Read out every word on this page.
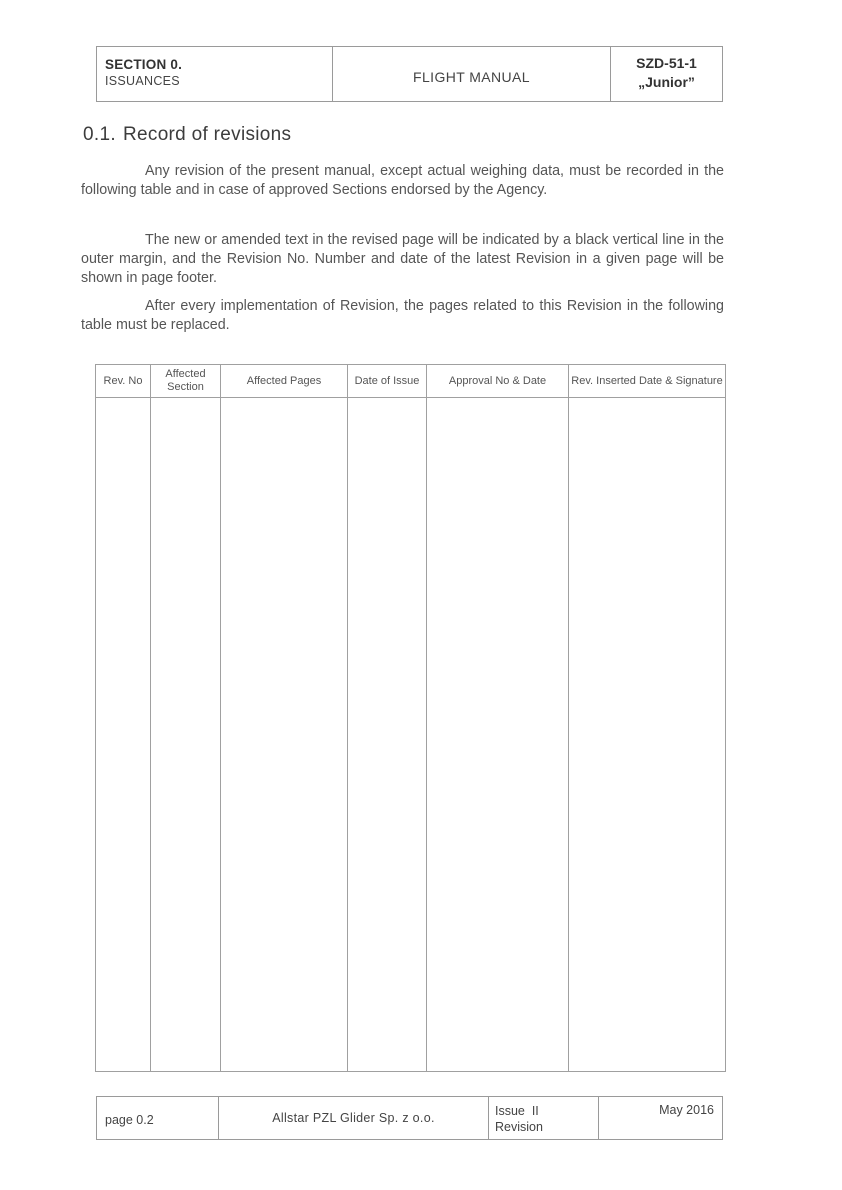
SECTION 0.
ISSUANCES	FLIGHT MANUAL
SZD-51-1
„Junior”
0.1. Record of revisions

Any revision of the present manual, except actual weighing data, must be recorded in the following table and in case of approved Sections endorsed by the Agency.

The new or amended text in the revised page will be indicated by a black vertical line in the outer margin, and the Revision No. Number and date of the latest Revision in a given page will be shown in page footer.

After every implementation of Revision, the pages related to this Revision in the following table must be replaced.

Rev. No	Affected Section	Affected Pages	Date of Issue	Approval No & Date	Rev. Inserted Date & Signature

page 0.2	Allstar PZL Glider Sp. z o.o.	Issue  II
Revision
May 2016
